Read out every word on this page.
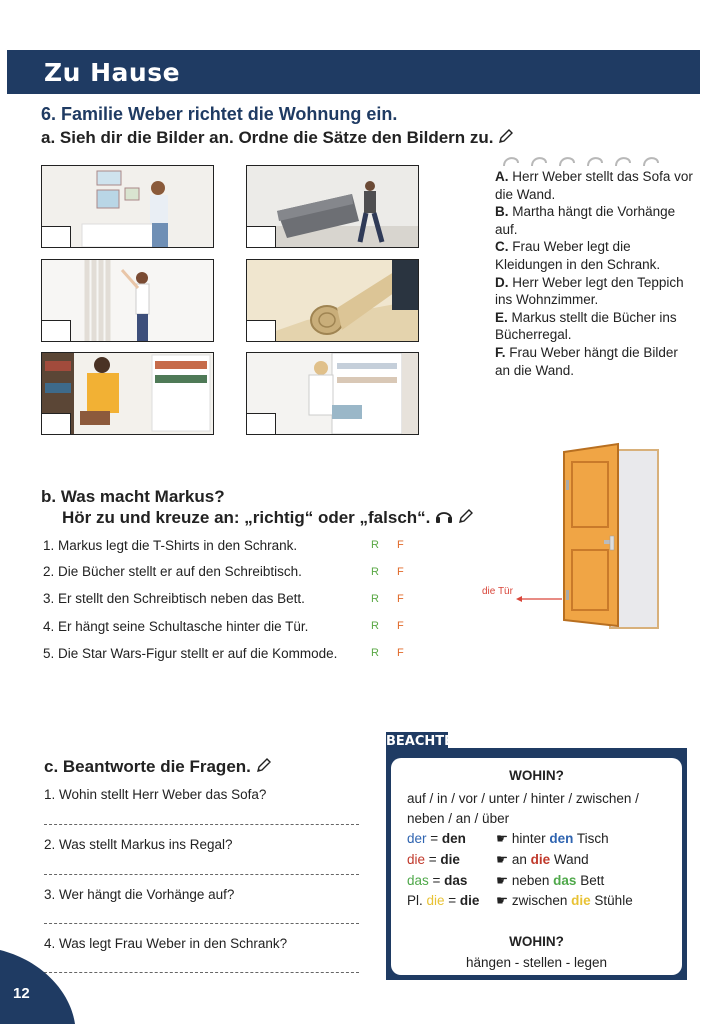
Zu Hause
6. Familie Weber richtet die Wohnung ein.
a. Sieh dir die Bilder an. Ordne die Sätze den Bildern zu.
A. Herr Weber stellt das Sofa vor die Wand.
B. Martha hängt die Vorhänge auf.
C. Frau Weber legt die Kleidungen in den Schrank.
D. Herr Weber legt den Teppich ins Wohnzimmer.
E. Markus stellt die Bücher ins Bücherregal.
F. Frau Weber hängt die Bilder an die Wand.
b. Was macht Markus?
Hör zu und kreuze an: „richtig“ oder „falsch“.
1. Markus legt die T-Shirts in den Schrank.
2. Die Bücher stellt er auf den Schreibtisch.
3. Er stellt den Schreibtisch neben das Bett.
4. Er hängt seine Schultasche hinter die Tür.
5. Die Star Wars-Figur stellt er auf die Kommode.
R F
R F
R F
R F
R F
die Tür
c. Beantworte die Fragen.
1. Wohin stellt Herr Weber das Sofa?
2. Was stellt Markus ins Regal?
3. Wer hängt die Vorhänge auf?
4. Was legt Frau Weber in den Schrank?
BEACHTE
WOHIN?
auf / in / vor / unter / hinter / zwischen /
neben / an / über
der = den ☛ hinter den Tisch
die = die	☛ an die Wand
das = das ☛ neben das Bett
Pl. die = die ☛ zwischen die Stühle
WOHIN?
hängen - stellen - legen
12
